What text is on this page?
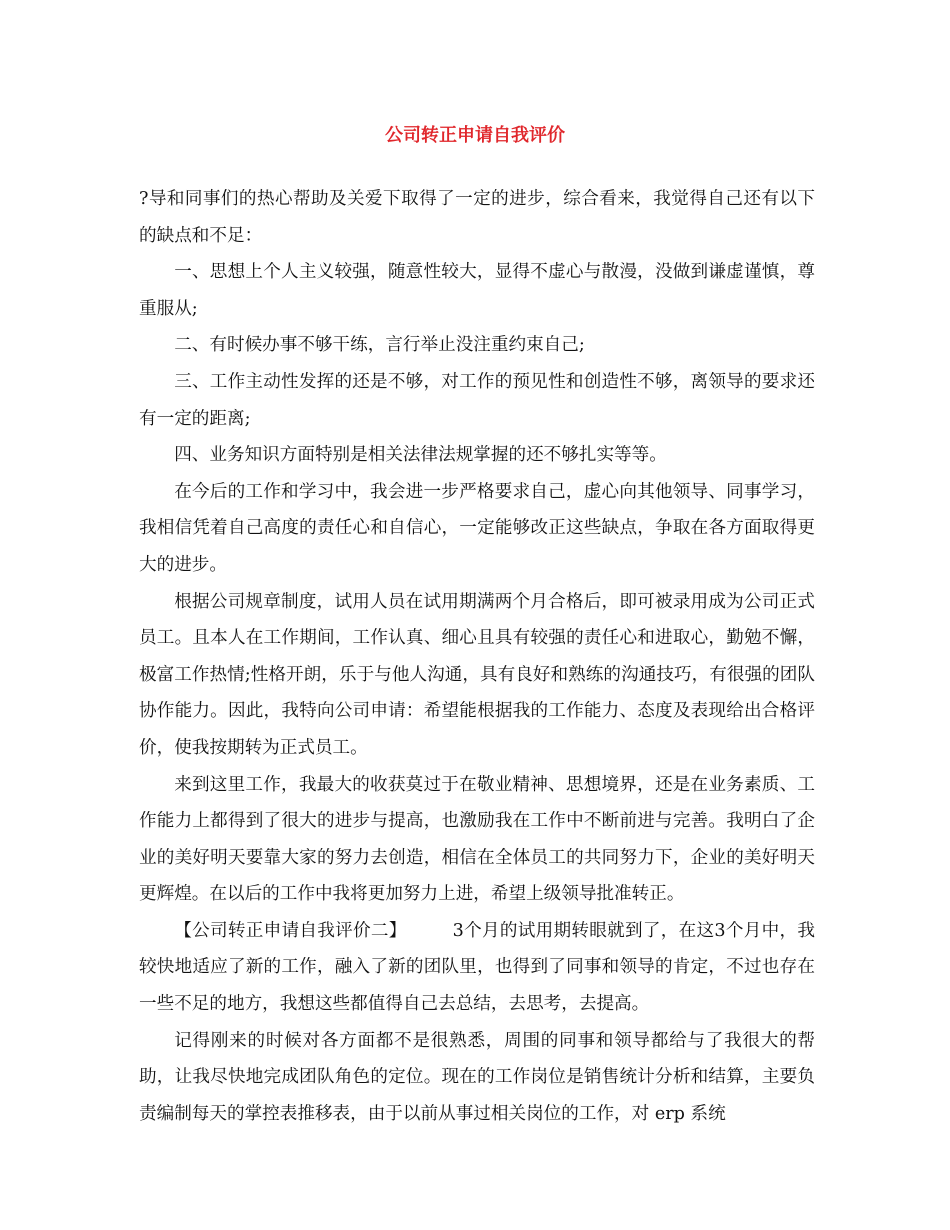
公司转正申请自我评价

?导和同事们的热心帮助及关爱下取得了一定的进步，综合看来，我觉得自己还有以下的缺点和不足：

一、思想上个人主义较强，随意性较大，显得不虚心与散漫，没做到谦虚谨慎，尊重服从;

二、有时候办事不够干练，言行举止没注重约束自己;

三、工作主动性发挥的还是不够，对工作的预见性和创造性不够，离领导的要求还有一定的距离;

四、业务知识方面特别是相关法律法规掌握的还不够扎实等等。

在今后的工作和学习中，我会进一步严格要求自己，虚心向其他领导、同事学习，我相信凭着自己高度的责任心和自信心，一定能够改正这些缺点，争取在各方面取得更大的进步。

根据公司规章制度，试用人员在试用期满两个月合格后，即可被录用成为公司正式员工。且本人在工作期间，工作认真、细心且具有较强的责任心和进取心，勤勉不懈，极富工作热情;性格开朗，乐于与他人沟通，具有良好和熟练的沟通技巧，有很强的团队协作能力。因此，我特向公司申请：希望能根据我的工作能力、态度及表现给出合格评价，使我按期转为正式员工。

来到这里工作，我最大的收获莫过于在敬业精神、思想境界，还是在业务素质、工作能力上都得到了很大的进步与提高，也激励我在工作中不断前进与完善。我明白了企业的美好明天要靠大家的努力去创造，相信在全体员工的共同努力下，企业的美好明天更辉煌。在以后的工作中我将更加努力上进，希望上级领导批准转正。

【公司转正申请自我评价二】	3个月的试用期转眼就到了，在这3个月中，我较快地适应了新的工作，融入了新的团队里，也得到了同事和领导的肯定，不过也存在一些不足的地方，我想这些都值得自己去总结，去思考，去提高。

记得刚来的时候对各方面都不是很熟悉，周围的同事和领导都给与了我很大的帮助，让我尽快地完成团队角色的定位。现在的工作岗位是销售统计分析和结算，主要负责编制每天的掌控表推移表，由于以前从事过相关岗位的工作，对 erp 系统
